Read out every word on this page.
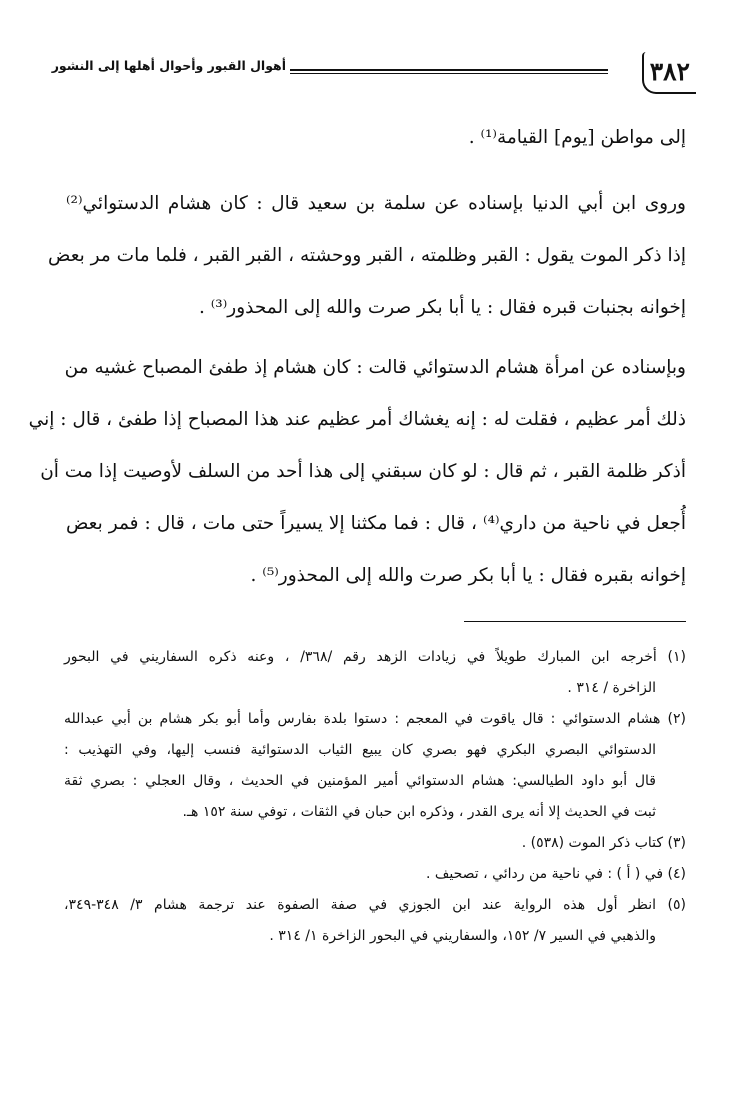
٣٨٢
أهوال القبور وأحوال أهلها إلى النشور
إلى مواطن [يوم] القيامة⁽¹⁾ .
وروى ابن أبي الدنيا بإسناده عن سلمة بن سعيد قال : كان هشام الدستوائي⁽²⁾
إذا ذكر الموت يقول : القبر وظلمته ، القبر ووحشته ، القبر القبر ، فلما مات مر بعض
إخوانه بجنبات قبره فقال : يا أبا بكر صرت والله إلى المحذور⁽³⁾ .
وبإسناده عن امرأة هشام الدستوائي قالت : كان هشام إذ طفئ المصباح غشيه من
ذلك أمر عظيم ، فقلت له : إنه يغشاك أمر عظيم عند هذا المصباح إذا طفئ ، قال : إني
أذكر ظلمة القبر ، ثم قال : لو كان سبقني إلى هذا أحد من السلف لأوصيت إذا مت أن
أُجعل في ناحية من داري⁽⁴⁾ ، قال : فما مكثنا إلا يسيراً حتى مات ، قال : فمر بعض
إخوانه بقبره فقال : يا أبا بكر صرت والله إلى المحذور⁽⁵⁾ .
(١) أخرجه ابن المبارك طويلاً في زيادات الزهد رقم /٣٦٨/ ، وعنه ذكره السفاريني في البحور
الزاخرة / ٣١٤ .
(٢) هشام الدستوائي : قال ياقوت في المعجم : دستوا بلدة بفارس وأما أبو بكر هشام بن أبي عبدالله
الدستوائي البصري البكري فهو بصري كان يبيع الثياب الدستوائية فنسب إليها، وفي التهذيب :
قال أبو داود الطيالسي: هشام الدستوائي أمير المؤمنين في الحديث ، وقال العجلي : بصري ثقة
ثبت في الحديث إلا أنه يرى القدر ، وذكره ابن حبان في الثقات ، توفي سنة ١٥٢ هـ.
(٣) كتاب ذكر الموت (٥٣٨) .
(٤) في ( أ ) : في ناحية من ردائي ، تصحيف .
(٥) انظر أول هذه الرواية عند ابن الجوزي في صفة الصفوة عند ترجمة هشام ٣/ ٣٤٨-٣٤٩،
والذهبي في السير ٧/ ١٥٢، والسفاريني في البحور الزاخرة ١/ ٣١٤ .
